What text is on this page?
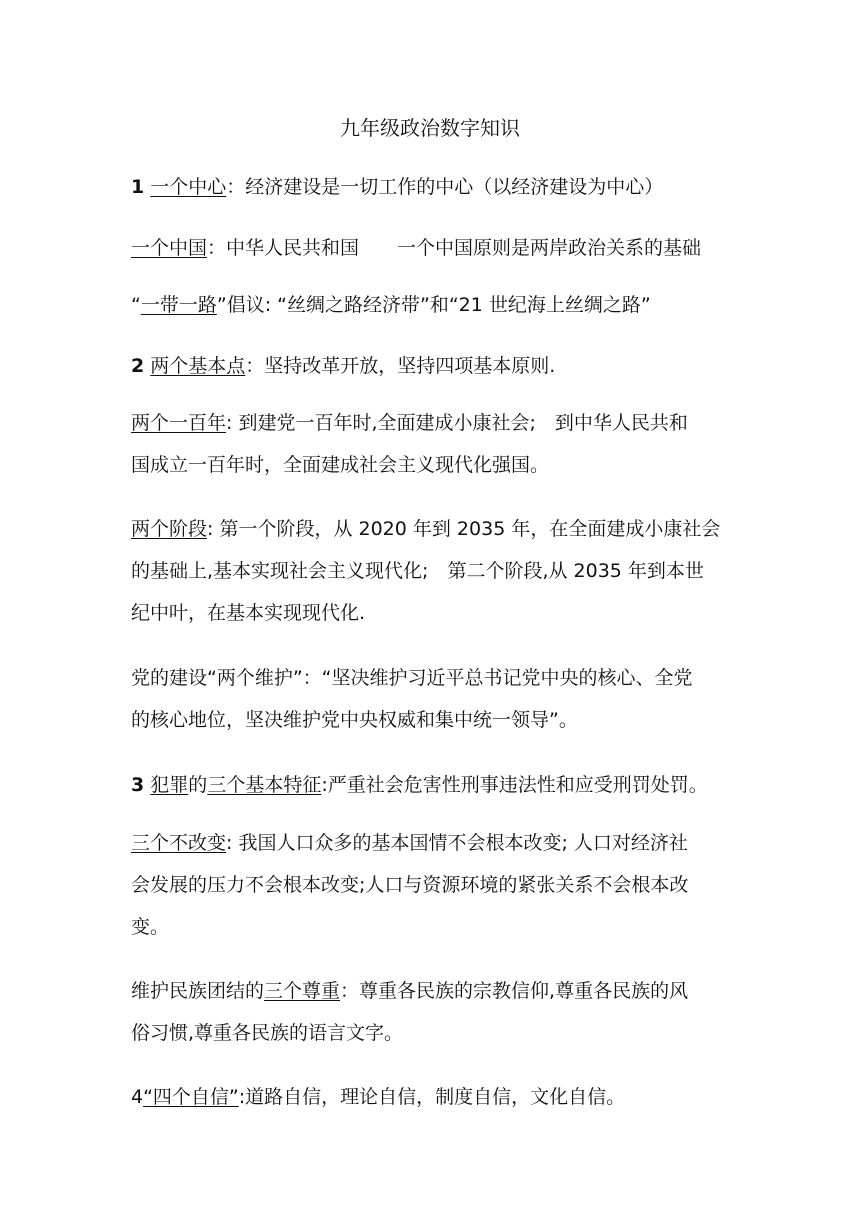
九年级政治数字知识
1 一个中心：经济建设是一切工作的中心（以经济建设为中心）
一个中国：中华人民共和国　　一个中国原则是两岸政治关系的基础
“一带一路”倡议: “丝绸之路经济带”和“21 世纪海上丝绸之路”
2 两个基本点：坚持改革开放，坚持四项基本原则.
两个一百年: 到建党一百年时,全面建成小康社会;　到中华人民共和
国成立一百年时，全面建成社会主义现代化强国。
两个阶段: 第一个阶段，从 2020 年到 2035 年，在全面建成小康社会
的基础上,基本实现社会主义现代化;　第二个阶段,从 2035 年到本世
纪中叶，在基本实现现代化.
党的建设“两个维护”：“坚决维护习近平总书记党中央的核心、全党
的核心地位，坚决维护党中央权威和集中统一领导”。
3 犯罪的三个基本特征:严重社会危害性刑事违法性和应受刑罚处罚。
三个不改变: 我国人口众多的基本国情不会根本改变; 人口对经济社
会发展的压力不会根本改变;人口与资源环境的紧张关系不会根本改
变。
维护民族团结的三个尊重：尊重各民族的宗教信仰,尊重各民族的风
俗习惯,尊重各民族的语言文字。
4“四个自信”:道路自信，理论自信，制度自信，文化自信。
